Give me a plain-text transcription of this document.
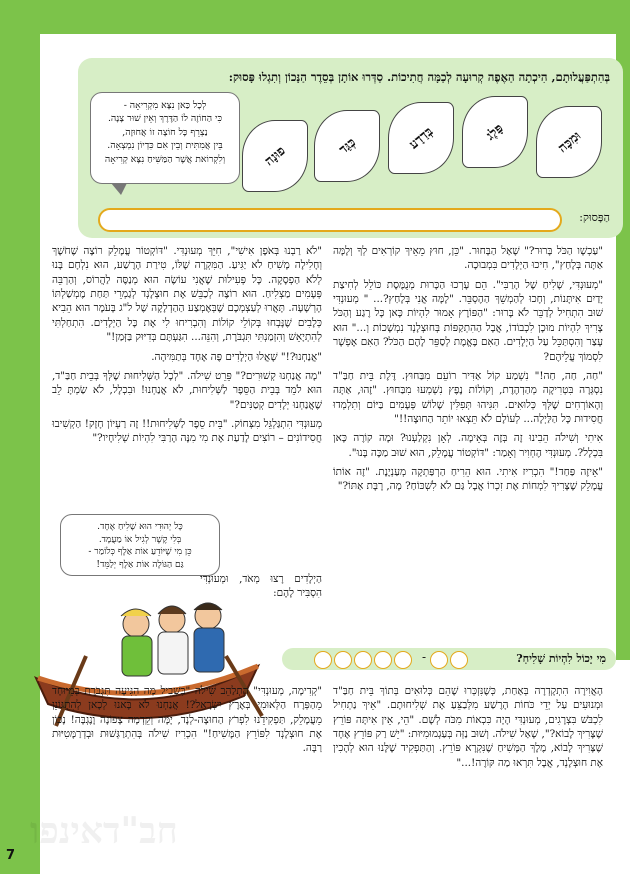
בְּהִתְפַּעֲלוּתָם, הִיכְתָה הַאֶפֶה קְרוּעָה לְכַמָּה חֲתִיכוֹת. סַדְּרוּ אוֹתָן בְּסֵדֶר הַנָּכוֹן וְתִגְלוּ פָּסוּק:
לְכָל כַּאן נִצָּא מִקְרִיאָה -
כִּי הַחוֹזֶה לוֹ הַדֶּרֶךְ וְאֵין שׁוּר צָנָה.
נַצְרֵף כָּל חוֹצָה זוֹ אֲחוּזָה,
בֵּין אֲמִתִּית וְבֵין אִם כִּדְיוֹן נִמְצְאָה.
וְלִקְרוֹאת אֲשֶׁר הַמַּשִּׁיחַ נִצָּא קְרִיאָה	פוּנָה	כְּגַּד	בְּדַדָע	פָּלֶג	וּמִכָּה
הַפָּסוּק:

"עַכְשָׁו הַכֹּל בָּרוּר?" שָׁאַל הַבָּחוּר. "כֵּן, חוּץ מֵאֵיךְ קוֹרְאִים לְךָ וְלָמָּה אַתָּה בְּלָחַץ", חִיכוּ הַיְלָדִים בִּמְבוּכָה.

"מְעוּנְדִּי, שָׁלִיחַ שֶׁל הָרַבִּי". הֵם עָרְכוּ הַכָּרוּת מְנֻמֶּסֶת כּוֹלֵל לְחִיצַת יָדַיִם אִיתָּנוֹת, וְחָכוּ לְהַמְשֵׁךְ הַהֶסְבֵּר. "לָמָּה אֲנִי בְּלָחַץ?... " מְעוּנְדִּי שׁוּב הִתְחִיל לְדַבֵּר לֹא בָּרוּר: "הַפּוֹרֶץ אָמוּר לִהְיוֹת כָּאן כָּל רֶגַע וְהַכֹּל צָרִיךְ לִהְיוֹת מוּכָן לִכְבוֹדוֹ, אֲבָל הַהִתְקַפּוֹת בְּחוּצְלָנְד נִמְשָׁכוֹת וְ..." הוּא עָצַר וְהִסְתַּכֵּל עַל הַיְלָדִים. הַאִם בֶּאֱמֶת לְסַפֵּר לָהֶם הַכֹּל? הַאִם אֶפְשָׁר לִסְמוֹךְ עֲלֵיהֶם?

"חַה, חַה, חַה!" נִשְׁמַע קוֹל אַדִּיר רוֹעֵם מִבַּחוּץ. דֶּלֶת בֵּית חַבַּ"ד נִסְגְּרָה בִּטְרִיקָה מְהַדְהֶדֶת, וְקוֹלוֹת נֶפֶץ נִשְׁמְעוּ מִבַּחוּץ. "זֶהוּ, אַתָּה וְהָאוֹרְחִים שֶׁלְּךָ כְּלוּאִים. תִּגִּיהוּ תְּפִלִּין שָׁלוֹשׁ פְּעָמִים בַּיּוֹם וְתִלְמְדוּ חֲסִידוּת כָּל הַלַּיְלָה... לְעוֹלָם לֹא תֵּצְאוּ יוֹתֵר הַחוּצָה!!"

אִיתִי וְשִׁילֹה הֵבִינוּ זֶה בְּזֶה בְּאֵימָה. לְאָן נִקְלַעְנוּ? וּמָה קוֹרֶה כָּאן בִּכְלָל?. מְעוּנְדִּי הֶחְוִיר וְאָמַר: "דּוֹקְטוֹר עֲמָלֵק, הוּא שׁוּב מַכֶּה בָּנוּ".

"אֵיזֶה פַּחַד!" הִכְרִיז אִיתִי. הוּא הֵרִיחַ הַרְפַּתְקָה מְעַנְיֶנֶת. "זֶה אוֹתוֹ עֲמָלֵק שֶׁצָּרִיךְ לִמְחוֹת אֶת זִכְרוֹ אֲבָל גַּם לֹא לִשְׁכּוֹחַ? מָה, רָבָּת אַתּוֹ?"

"לֹא רַבְנוּ בְּאֹפֶן אִישִׁי", חִיֵּךְ מְעוּנְדִּי. "דּוֹקְטוֹר עֲמָלֵק רוֹצֶה שֶׁחֹשֶׁךְ וְחָלִילָה מָשִׁיחַ לֹא יַגִּיעַ. הַמִּקְרָה שָׁלּוֹ, טִירַת הָרֶשַׁע, הוּא נִלְחָם בָּנוּ לְלֹא הַפְסָקָה. כָּל פְּעִילוּת שֶׁאֲנִי עוֹשֶׂה הוּא מְנַסֶּה לַהֲרוֹס, וְהַרְבֵּה פְּעָמִים מַצְלִיחַ. הוּא רוֹצֶה לְכַבֵּשׁ אֶת חוּצְלָנְד לְגַמְרֵי תַּחַת מֶמְשַׁלְתּוֹ הָרְשָׁעָה. תָּאֲרוּ לְעַצְמְכֶם שֶׁבְּאֶמְצַע הַהַדְלָקָה שֶׁל ל"ג בָּעֹמֶר הוּא הֵבִיא כְּלָבִים שֶׁנָּבְחוּ בְּקוֹלֵי קוֹלוֹת וְהִבְרִיחוּ לִי אֶת כָּל הַיְלָדִים. הִתְחַלְתִּי לְהִתְיָאֵשׁ וְהִזְמַנְתִּי תִּגְבֹּרֶת, וְהִנֵּה... הִגַּעְתֶּם בְּדִיּוּק בַּזְּמַן!"

"אֲנַחְנוּ?!" שָׁאֲלוּ הַיְלָדִים פֶּה אֶחָד בְּתַמִּיהָה.

"מָה אֲנַחְנוּ קְשׁוּרִים?" פֵּרֵט שִׁילֹה. "לְכָל הַשְּׁלִיחוּת שֶׁלְּךָ בְּבֵית חַבַּ"ד, הוּא לֹמֵד בְּבֵית הַסֵּפֶר לַשְּׁלִיחוּת, לֹא אֲנַחְנוּ! וּבִכְלָל, לֹא שַׂמְתָּ לֵב שֶׁאֲנַחְנוּ יְלָדִים קְטַנִּים?"

מְעוּנְדִּי הִתְגַּלְגֵּל מִצְּחוֹק. "בֵּית סֵפֶר לַשְּׁלִיחוּת!! זֶה רַעְיוֹן חָזָק! הַקְשִׁיבוּ חֲסִידוֹנִים – רוֹצִים לָדַעַת אֶת מִי מִנָּה הָרַבִּי לִהְיוֹת שְׁלִיחָיו?"

כָּל יְהוּדִי הוּא שָׁלִיחַ אֶחָד.
בְּלִי קֶשֶׁר לְגִיל אוֹ מַעֲמָד.
כֵּן מִי שֶׁיּוֹדֵעַ אוֹת אַלֶף כְּלוֹמַר -
גַּם הַגּוֹלֶה אוֹת אַלֶף יְלַמֵּד!

הַיְלָדִים רָצוּ מְאֹד, וּמְעוּנְדִּי הִסְבִּיר לָהֶם:

מִי יָכוֹל לִהְיוֹת שָׁלִיחַ?
-

הָאֲוִירָה הִתְקָדְרָה בְּאַחַת, כְּשֶׁנִּזְכְּרוּ שֶׁהֵם כְּלוּאִים בְּתוֹךְ בֵּית חַבַּ"ד וּמְנוּעִים עַל יְדֵי כֹּחוֹת הָרֶשַׁע מִלְּבַצֵּעַ אֶת שְׁלִיחוּתָם. "אֵיךְ נַתְחִיל לִכְבֹּשׁ בִּצְרָגִים, מְעוּנְדִּי הָיָה כִּכְאוֹת מִכֹּה לְשָׁם. "הֵי, אֵין אִיתָּה פּוֹרֵץ שֶׁצָּרִיךְ לָבוֹא?", שָׁאַל שִׁילֹה. וְשׁוּב נַזְּה בְּעַגְמוּמִיּוּת: "יֵשׁ רַק פּוֹרֵץ אֶחָד שֶׁצָּרִיךְ לָבוֹא, מֶלֶךְ הַמָּשִׁיחַ שֶׁנִּקְרָא פּוֹרֵץ. וְהַתַּפְקִיד שֶׁלָּנוּ הוּא לְהָכִין אֶת חוּצְלָנְד, אֲבָל תִּרְאוּ מַה קּוֹרֶה!..."

"קְדִימָה, מְעוּנְדִּי" הִתְלַהֵב שִׁילֹה "בִּשְׁבִיל מָה הִגִּיעָה תִּגְבֹּרֶת בְּמֵיוּחָד מֵהַפְּרָח הַלְּאוּמִי בְּאֶרֶץ יִשְׂרָאֵל?! אֲנַחְנוּ לֹא בָּאנוּ לְכָאן לְהִתְגּוֹנֵן מֵעֲמָלֵק, תַּפְקִידֵנוּ לִפְרֹץ הַחוּצָה-לְנָד, יָמָּה וְקֵדְמָה צָפוֹנָה וָנֶגְבָּה! נָכוֹן אֶת חוּצְלָנְד לִפּוֹרֵץ הַמָּשִׁיחַ!" הִכְרִיז שִׁילֹה בְּהִתְרַגְּשׁוּת וּבְדְרַמָּטִיּוּת רַבָּה.

חב"דאינפו
7
